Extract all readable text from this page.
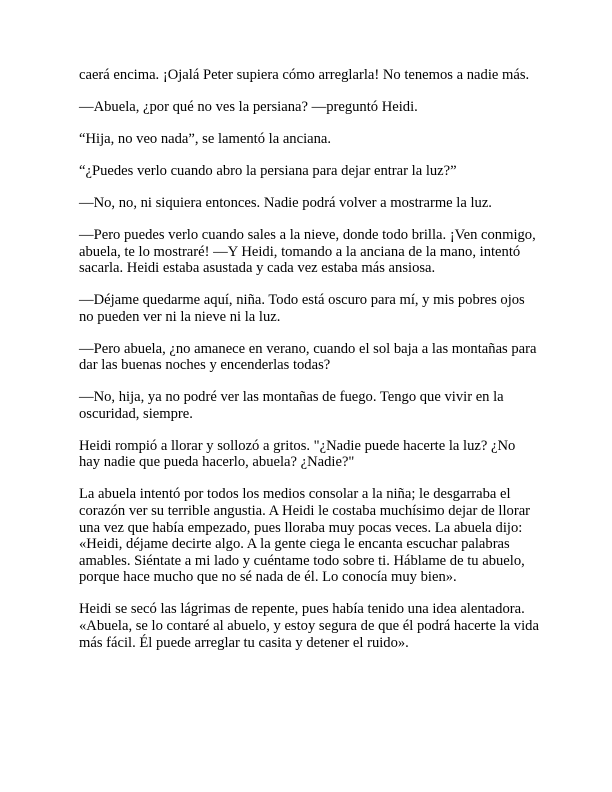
caerá encima. ¡Ojalá Peter supiera cómo arreglarla! No tenemos a nadie más.

—Abuela, ¿por qué no ves la persiana? —preguntó Heidi.

“Hija, no veo nada”, se lamentó la anciana.

“¿Puedes verlo cuando abro la persiana para dejar entrar la luz?”

—No, no, ni siquiera entonces. Nadie podrá volver a mostrarme la luz.

—Pero puedes verlo cuando sales a la nieve, donde todo brilla. ¡Ven conmigo, abuela, te lo mostraré! —Y Heidi, tomando a la anciana de la mano, intentó sacarla. Heidi estaba asustada y cada vez estaba más ansiosa.

—Déjame quedarme aquí, niña. Todo está oscuro para mí, y mis pobres ojos no pueden ver ni la nieve ni la luz.

—Pero abuela, ¿no amanece en verano, cuando el sol baja a las montañas para dar las buenas noches y encenderlas todas?

—No, hija, ya no podré ver las montañas de fuego. Tengo que vivir en la oscuridad, siempre.

Heidi rompió a llorar y sollozó a gritos. "¿Nadie puede hacerte la luz? ¿No hay nadie que pueda hacerlo, abuela? ¿Nadie?"

La abuela intentó por todos los medios consolar a la niña; le desgarraba el corazón ver su terrible angustia. A Heidi le costaba muchísimo dejar de llorar una vez que había empezado, pues lloraba muy pocas veces. La abuela dijo: «Heidi, déjame decirte algo. A la gente ciega le encanta escuchar palabras amables. Siéntate a mi lado y cuéntame todo sobre ti. Háblame de tu abuelo, porque hace mucho que no sé nada de él. Lo conocía muy bien».

Heidi se secó las lágrimas de repente, pues había tenido una idea alentadora. «Abuela, se lo contaré al abuelo, y estoy segura de que él podrá hacerte la vida más fácil. Él puede arreglar tu casita y detener el ruido».
